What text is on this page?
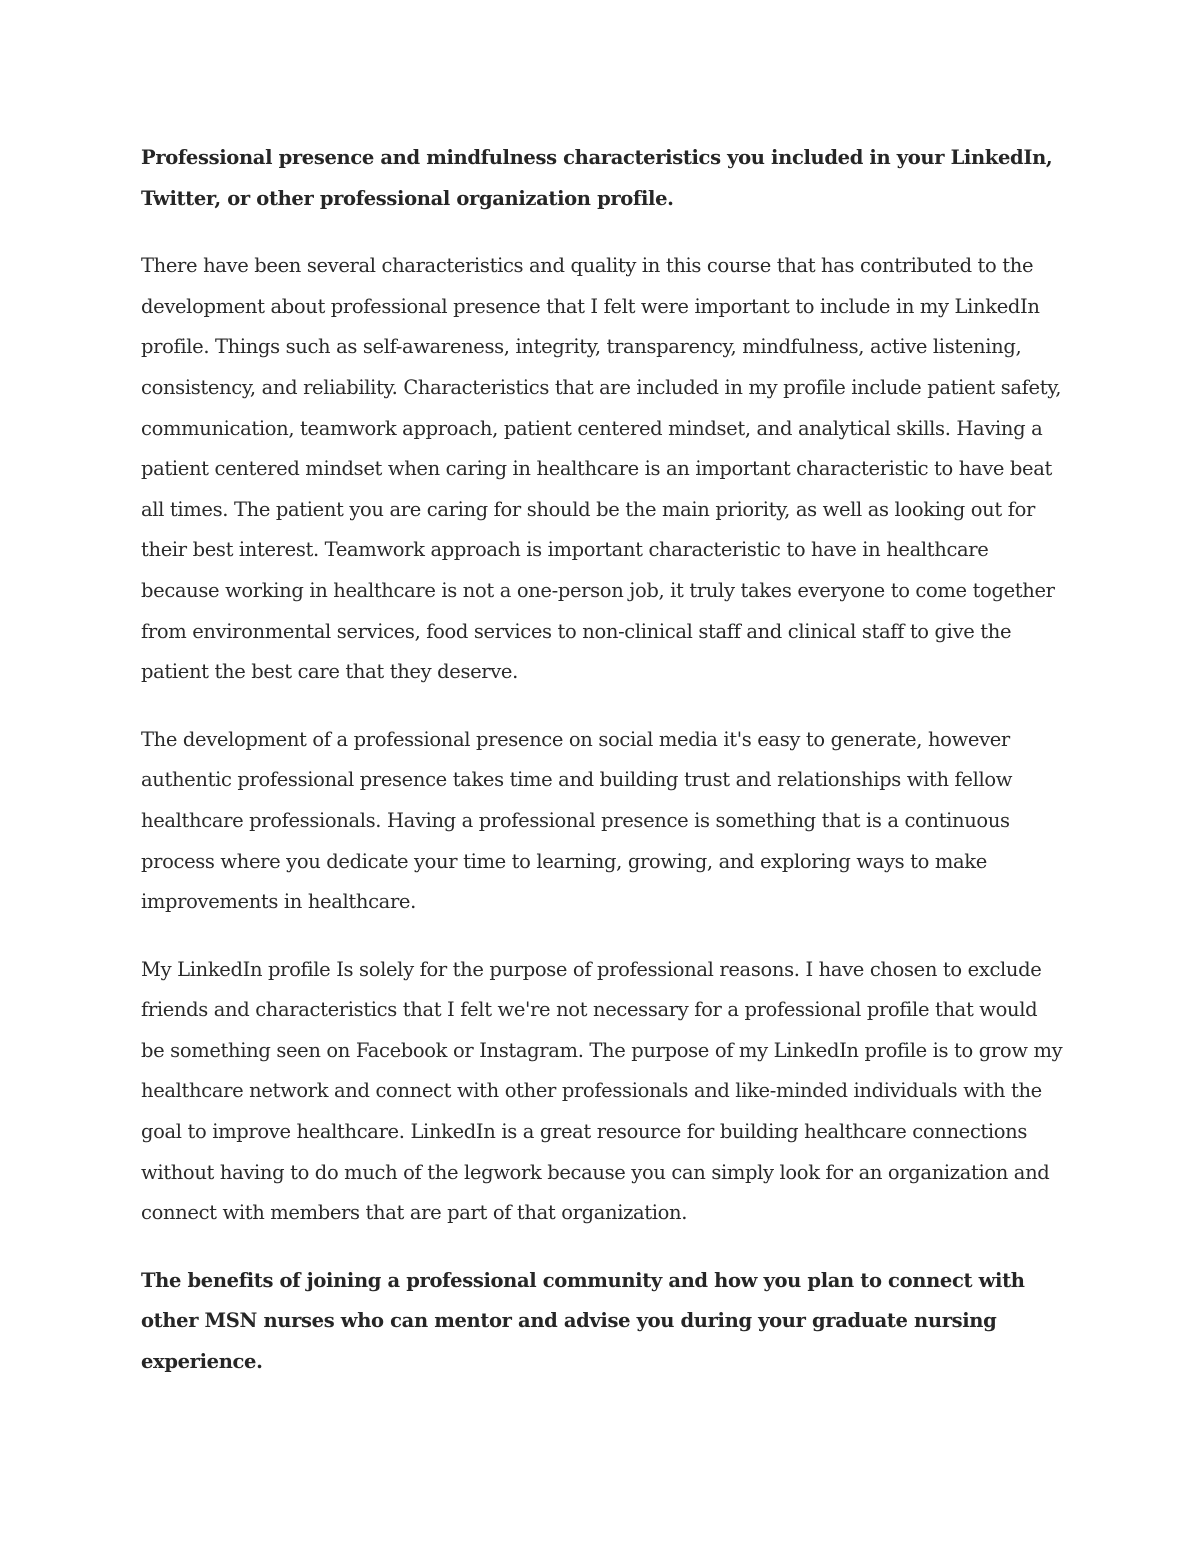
Professional presence and mindfulness characteristics you included in your LinkedIn, Twitter, or other professional organization profile.

There have been several characteristics and quality in this course that has contributed to the development about professional presence that I felt were important to include in my LinkedIn profile. Things such as self-awareness, integrity, transparency, mindfulness, active listening, consistency, and reliability. Characteristics that are included in my profile include patient safety, communication, teamwork approach, patient centered mindset, and analytical skills. Having a patient centered mindset when caring in healthcare is an important characteristic to have beat all times. The patient you are caring for should be the main priority, as well as looking out for their best interest. Teamwork approach is important characteristic to have in healthcare because working in healthcare is not a one-person job, it truly takes everyone to come together from environmental services, food services to non-clinical staff and clinical staff to give the patient the best care that they deserve.

The development of a professional presence on social media it's easy to generate, however authentic professional presence takes time and building trust and relationships with fellow healthcare professionals. Having a professional presence is something that is a continuous process where you dedicate your time to learning, growing, and exploring ways to make improvements in healthcare.

My LinkedIn profile Is solely for the purpose of professional reasons. I have chosen to exclude friends and characteristics that I felt we're not necessary for a professional profile that would be something seen on Facebook or Instagram. The purpose of my LinkedIn profile is to grow my healthcare network and connect with other professionals and like-minded individuals with the goal to improve healthcare. LinkedIn is a great resource for building healthcare connections without having to do much of the legwork because you can simply look for an organization and connect with members that are part of that organization.

The benefits of joining a professional community and how you plan to connect with other MSN nurses who can mentor and advise you during your graduate nursing experience.
